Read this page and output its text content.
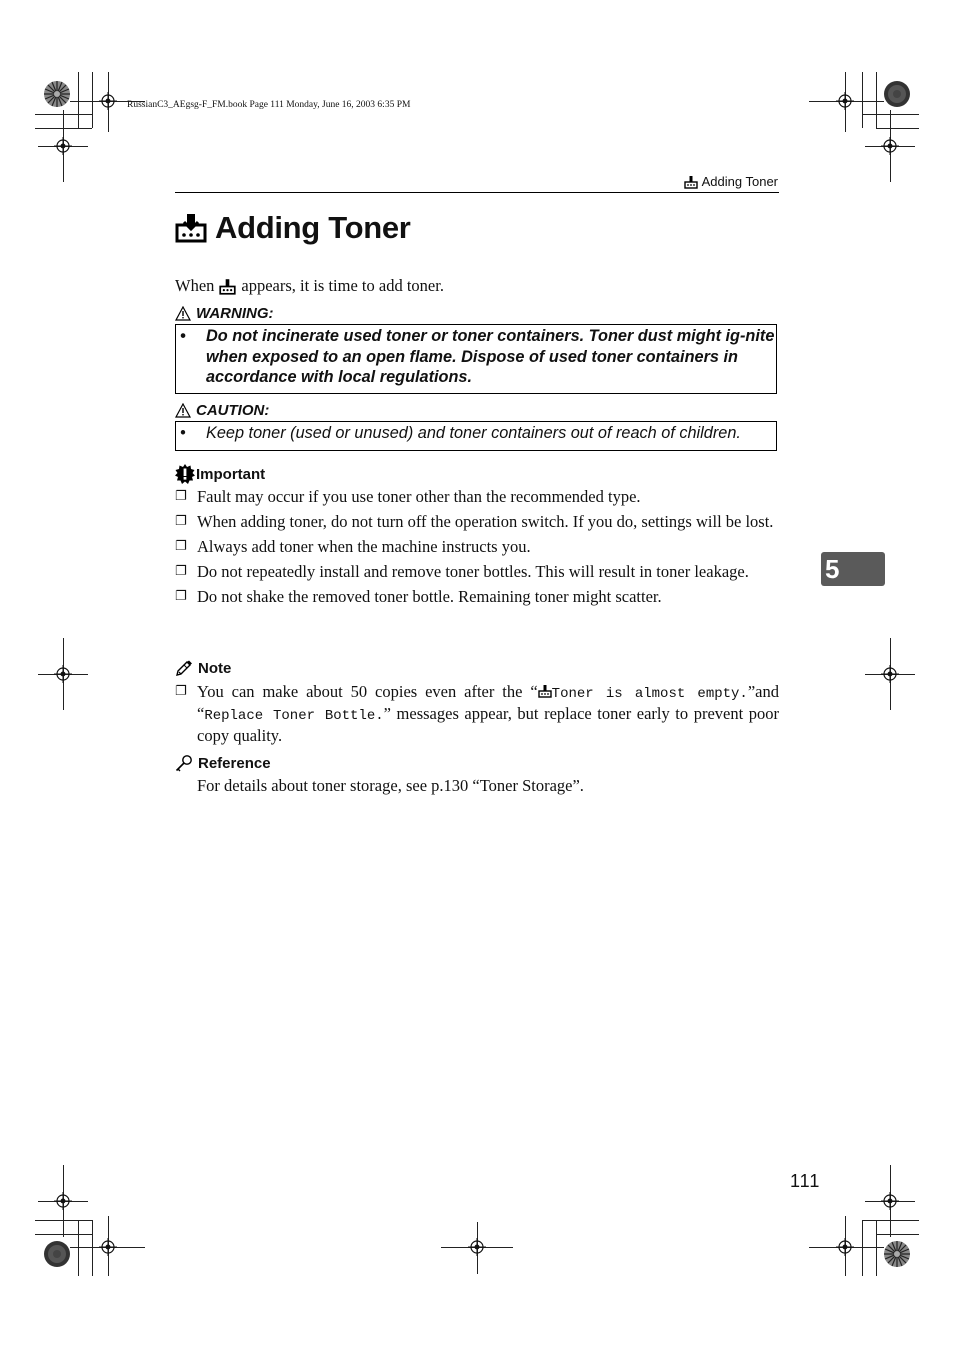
RussianC3_AEgsg-F_FM.book Page 111 Monday, June 16, 2003 6:35 PM
Adding Toner
Adding Toner
When appears, it is time to add toner.
WARNING:
•	Do not incinerate used toner or toner containers. Toner dust might ig-nite when exposed to an open flame. Dispose of used toner containers in accordance with local regulations.
CAUTION:
•	Keep toner (used or unused) and toner containers out of reach of children.
Important
❐ Fault may occur if you use toner other than the recommended type.
❐ When adding toner, do not turn off the operation switch. If you do, settings will be lost.
❐ Always add toner when the machine instructs you.
❐ Do not repeatedly install and remove toner bottles. This will result in toner leakage.
❐ Do not shake the removed toner bottle. Remaining toner might scatter.
Note
❐ You can make about 50 copies even after the “ Toner is almost empty.”and “Replace Toner Bottle.” messages appear, but replace toner early to prevent poor copy quality.
Reference
For details about toner storage, see p.130 “Toner Storage”.
5
111
